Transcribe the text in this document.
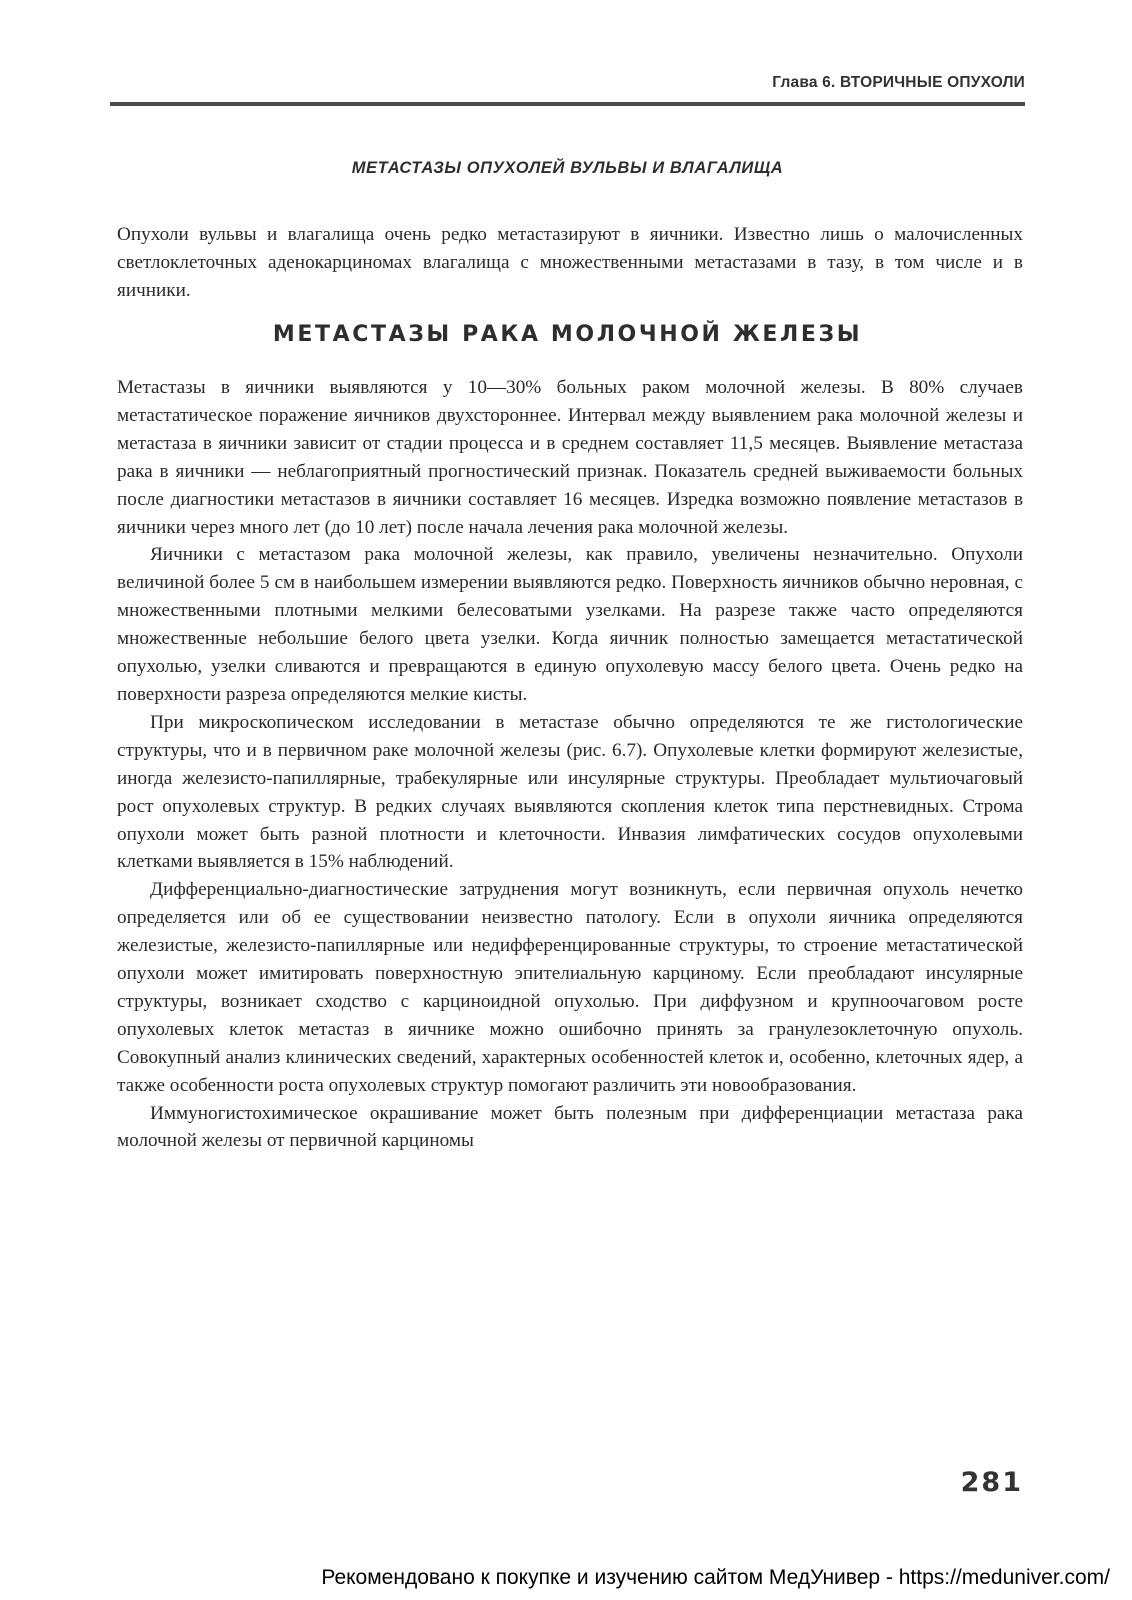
Глава 6. ВТОРИЧНЫЕ ОПУХОЛИ
МЕТАСТАЗЫ ОПУХОЛЕЙ ВУЛЬВЫ И ВЛАГАЛИЩА

Опухоли вульвы и влагалища очень редко метастазируют в яичники. Известно лишь о малочисленных светлоклеточных аденокарциномах влагалища с множественными метастазами в тазу, в том числе и в яичники.

МЕТАСТАЗЫ РАКА МОЛОЧНОЙ ЖЕЛЕЗЫ

Метастазы в яичники выявляются у 10—30% больных раком молочной железы. В 80% случаев метастатическое поражение яичников двухстороннее. Интервал между выявлением рака молочной железы и метастаза в яичники зависит от стадии процесса и в среднем составляет 11,5 месяцев. Выявление метастаза рака в яичники — неблагоприятный прогностический признак. Показатель средней выживаемости больных после диагностики метастазов в яичники составляет 16 месяцев. Изредка возможно появление метастазов в яичники через много лет (до 10 лет) после начала лечения рака молочной железы.

Яичники с метастазом рака молочной железы, как правило, увеличены незначительно. Опухоли величиной более 5 см в наибольшем измерении выявляются редко. Поверхность яичников обычно неровная, с множественными плотными мелкими белесоватыми узелками. На разрезе также часто определяются множественные небольшие белого цвета узелки. Когда яичник полностью замещается метастатической опухолью, узелки сливаются и превращаются в единую опухолевую массу белого цвета. Очень редко на поверхности разреза определяются мелкие кисты.

При микроскопическом исследовании в метастазе обычно определяются те же гистологические структуры, что и в первичном раке молочной железы (рис. 6.7). Опухолевые клетки формируют железистые, иногда железисто-папиллярные, трабекулярные или инсулярные структуры. Преобладает мультиочаговый рост опухолевых структур. В редких случаях выявляются скопления клеток типа перстневидных. Строма опухоли может быть разной плотности и клеточности. Инвазия лимфатических сосудов опухолевыми клетками выявляется в 15% наблюдений.

Дифференциально-диагностические затруднения могут возникнуть, если первичная опухоль нечетко определяется или об ее существовании неизвестно патологу. Если в опухоли яичника определяются железистые, железисто-папиллярные или недифференцированные структуры, то строение метастатической опухоли может имитировать поверхностную эпителиальную карциному. Если преобладают инсулярные структуры, возникает сходство с карциноидной опухолью. При диффузном и крупноочаговом росте опухолевых клеток метастаз в яичнике можно ошибочно принять за гранулезоклеточную опухоль. Совокупный анализ клинических сведений, характерных особенностей клеток и, особенно, клеточных ядер, а также особенности роста опухолевых структур помогают различить эти новообразования.

Иммуногистохимическое окрашивание может быть полезным при дифференциации метастаза рака молочной железы от первичной карциномы

281
Рекомендовано к покупке и изучению сайтом МедУнивер - https://meduniver.com/
